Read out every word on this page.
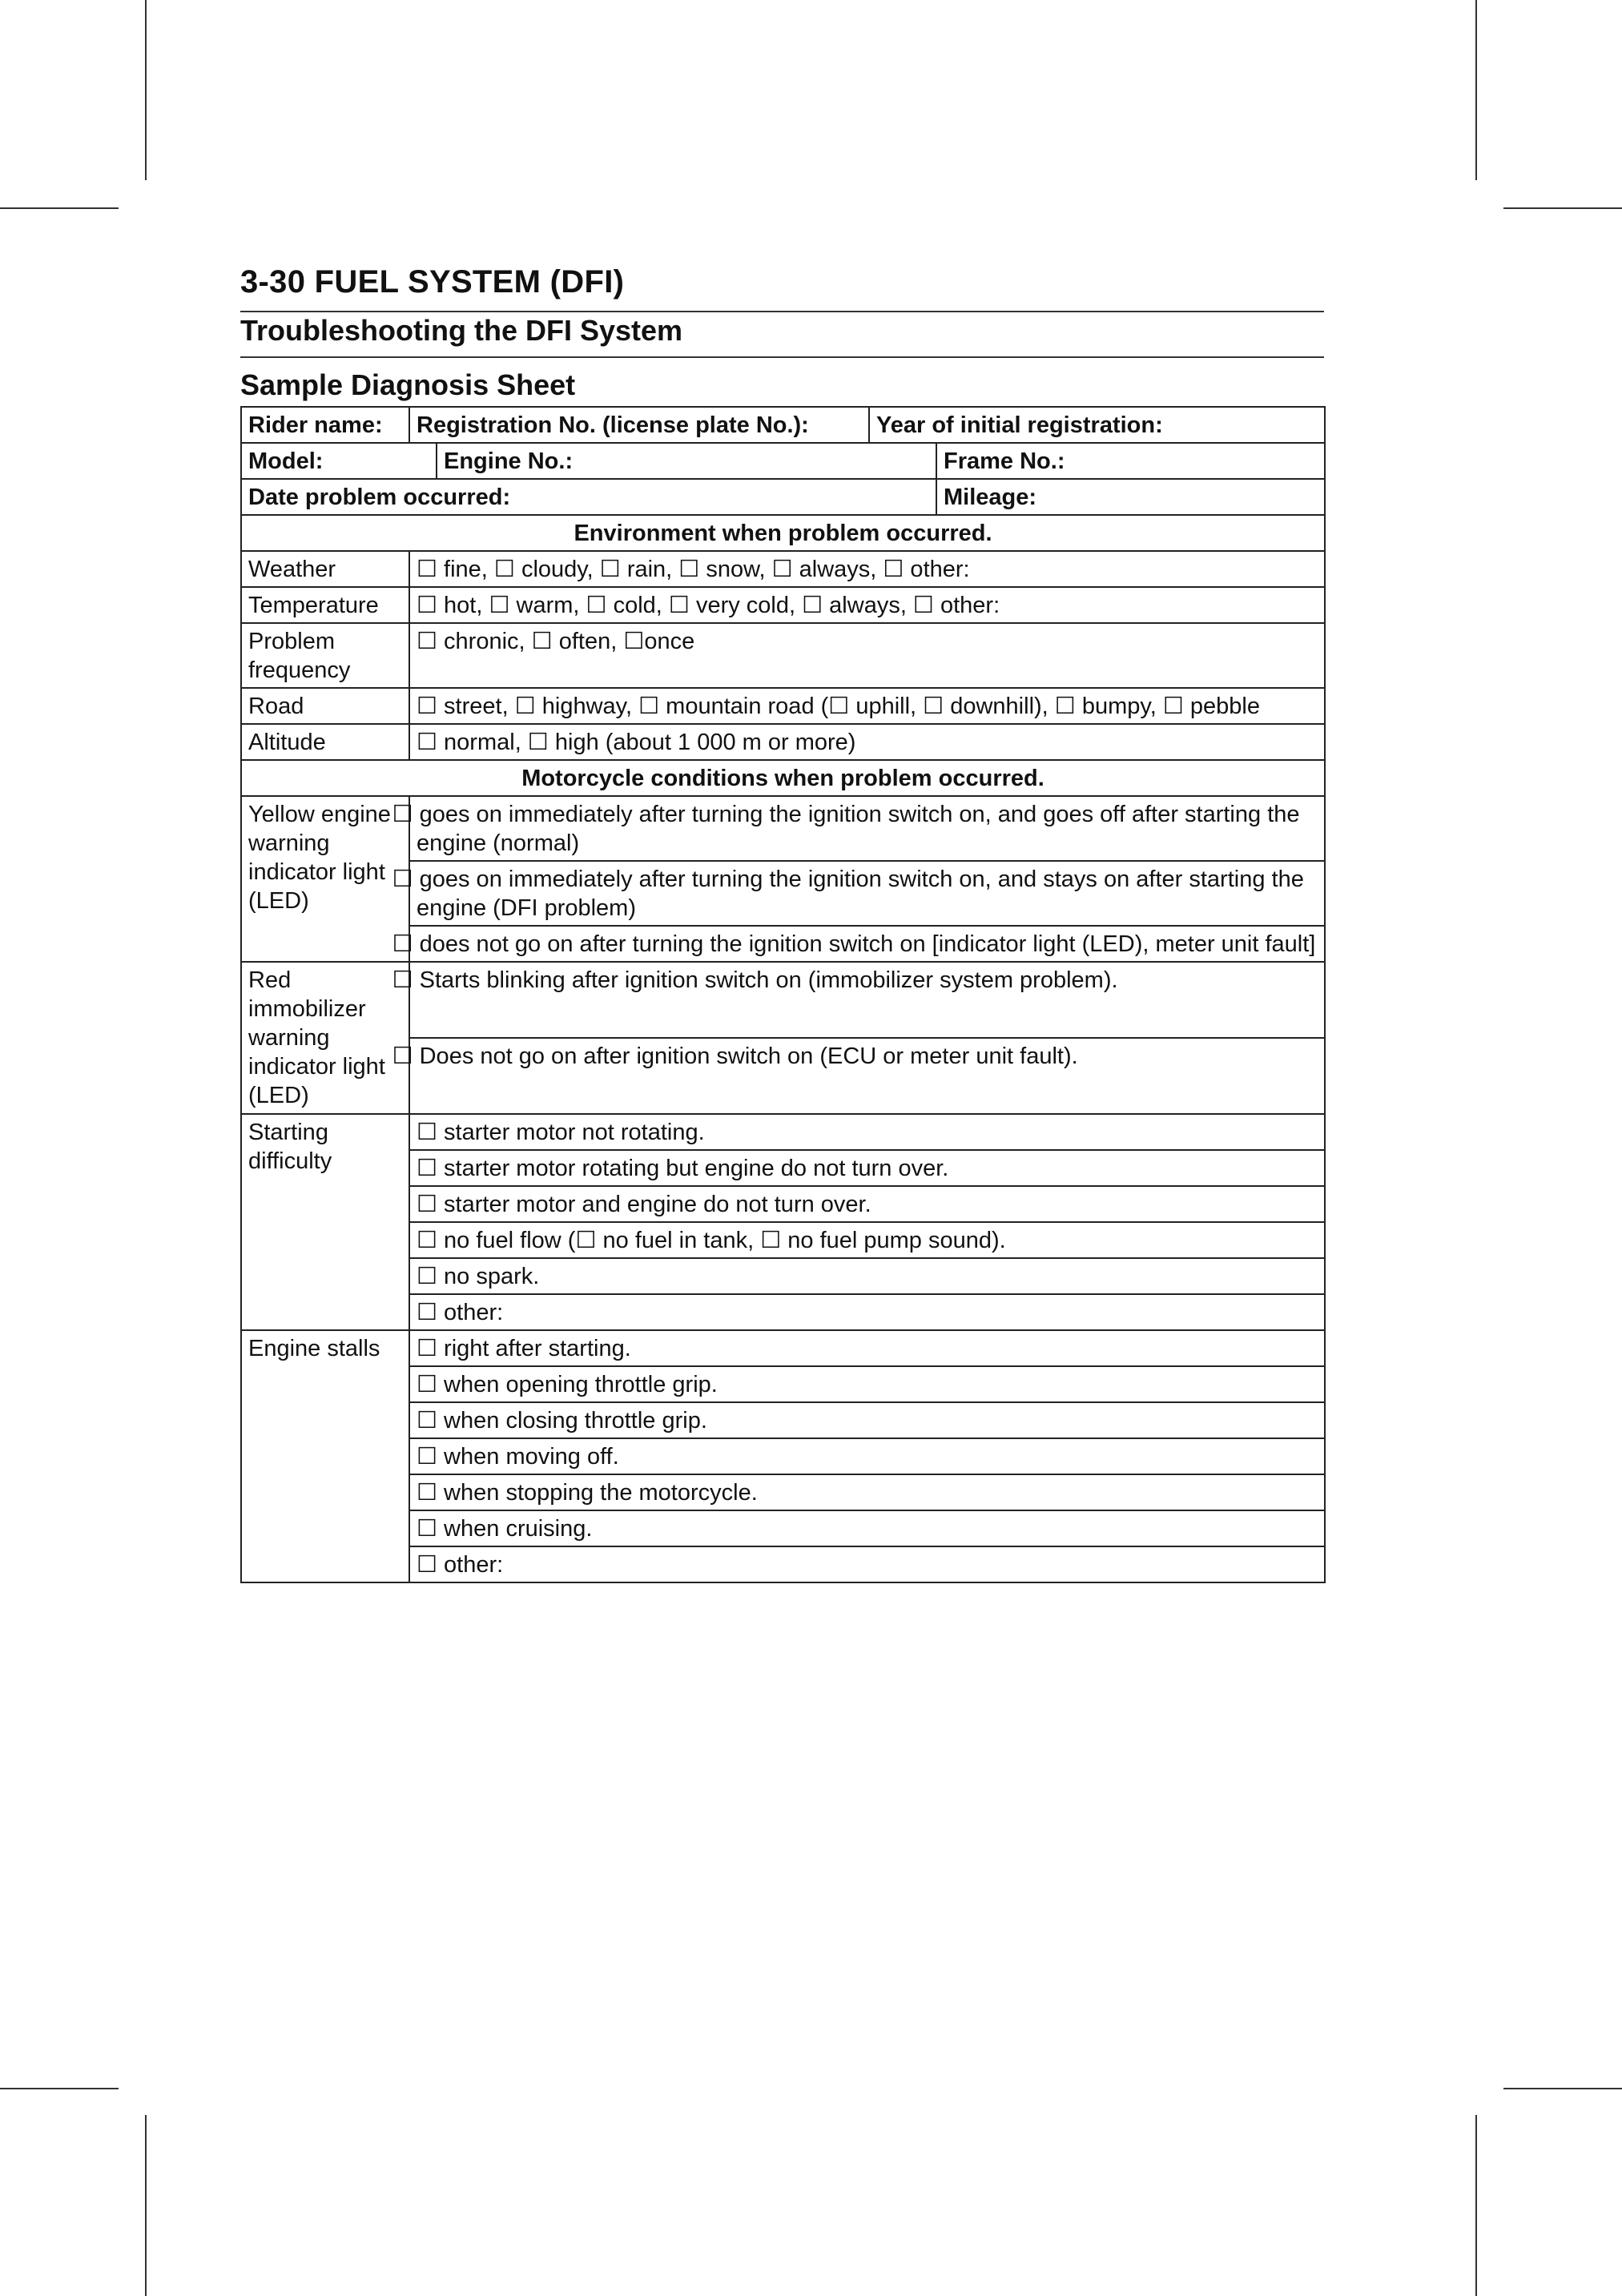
3-30 FUEL SYSTEM (DFI)
Troubleshooting the DFI System
Sample Diagnosis Sheet
Rider name:	Registration No. (license plate No.):		Year of initial registration:	
Model:		Engine No.:		Frame No.:
Date problem occurred:				Mileage:
Environment when problem occurred.				
Weather	☐ fine, ☐ cloudy, ☐ rain, ☐ snow, ☐ always, ☐ other:			
Temperature	☐ hot, ☐ warm, ☐ cold, ☐ very cold, ☐ always, ☐ other:			
Problem frequency	☐ chronic, ☐ often, ☐once			
Road	☐ street, ☐ highway, ☐ mountain road (☐ uphill, ☐ downhill), ☐ bumpy, ☐ pebble			
Altitude	☐ normal, ☐ high (about 1 000 m or more)			
Motorcycle conditions when problem occurred.				
Yellow engine warning indicator light (LED)	☐ goes on immediately after turning the ignition switch on, and goes off after starting the engine (normal)			
	☐ goes on immediately after turning the ignition switch on, and stays on after starting the engine (DFI problem)			
	☐ does not go on after turning the ignition switch on [indicator light (LED), meter unit fault]			
Red immobilizer warning indicator light (LED)	☐ Starts blinking after ignition switch on (immobilizer system problem).			
	☐ Does not go on after ignition switch on (ECU or meter unit fault).			
Starting difficulty	☐ starter motor not rotating.			
	☐ starter motor rotating but engine do not turn over.			
	☐ starter motor and engine do not turn over.			
	☐ no fuel flow (☐ no fuel in tank, ☐ no fuel pump sound).			
	☐ no spark.			
	☐ other:			
Engine stalls	☐ right after starting.			
	☐ when opening throttle grip.			
	☐ when closing throttle grip.			
	☐ when moving off.			
	☐ when stopping the motorcycle.			
	☐ when cruising.			
	☐ other:			
